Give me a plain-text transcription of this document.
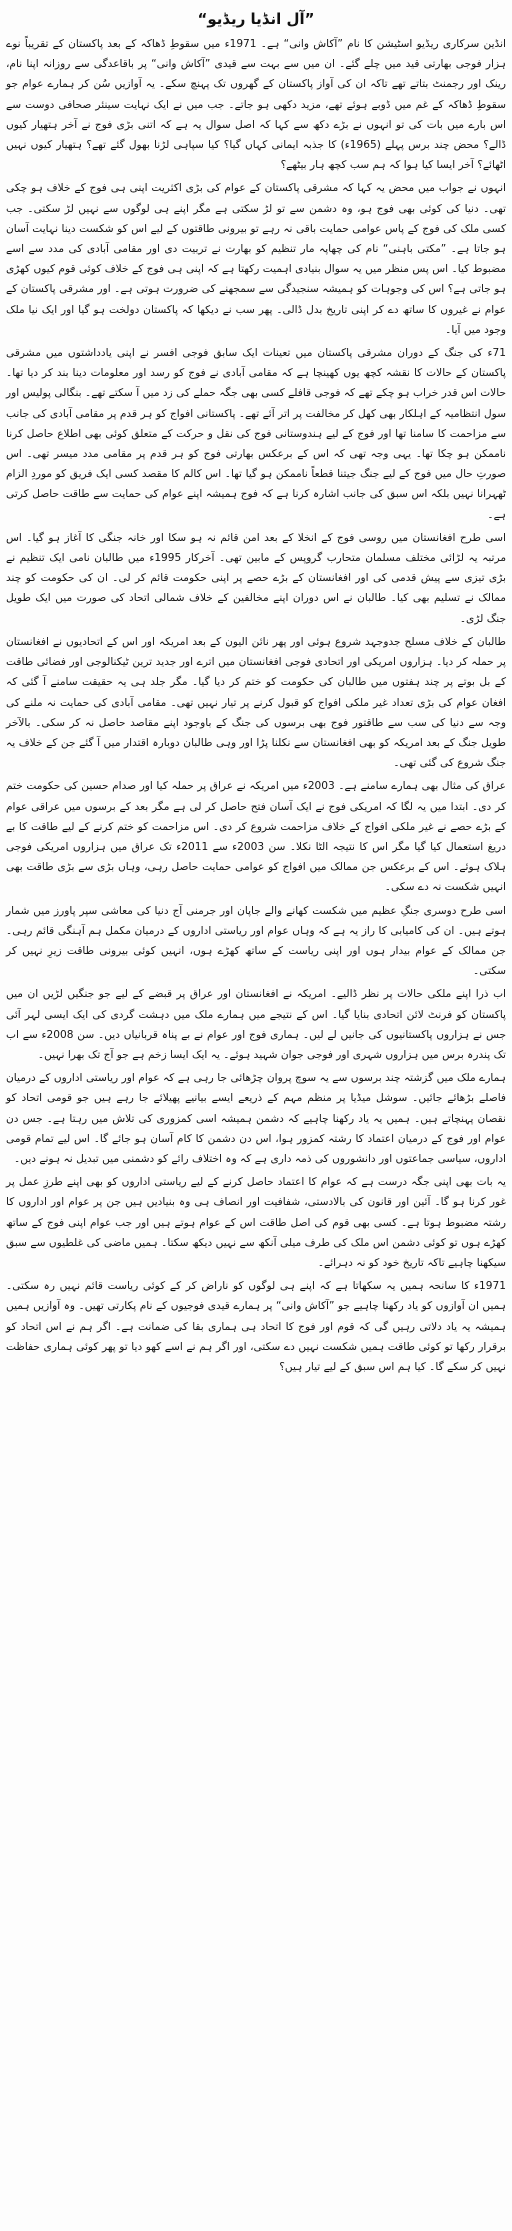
”آل انڈیا ریڈیو“

انڈین سرکاری ریڈیو اسٹیشن کا نام ”آکاش وانی“ ہے۔ 1971ء میں سقوطِ ڈھاکہ کے بعد پاکستان کے تقریباً نوے ہزار فوجی بھارتی قید میں چلے گئے۔ ان میں سے بہت سے قیدی ”آکاش وانی“ پر باقاعدگی سے روزانہ اپنا نام، رینک اور رجمنٹ بتاتے تھے تاکہ ان کی آواز پاکستان کے گھروں تک پہنچ سکے۔ یہ آوازیں سُن کر ہمارے عوام جو سقوطِ ڈھاکہ کے غم میں ڈوبے ہوئے تھے، مزید دکھی ہو جاتے۔ جب میں نے ایک نہایت سینئر صحافی دوست سے اس بارے میں بات کی تو انہوں نے بڑے دکھ سے کہا کہ اصل سوال یہ ہے کہ اتنی بڑی فوج نے آخر ہتھیار کیوں ڈالے؟ محض چند برس پہلے (1965ء) کا جذبہ ایمانی کہاں گیا؟ کیا سپاہی لڑنا بھول گئے تھے؟ ہتھیار کیوں نہیں اٹھائے؟ آخر ایسا کیا ہوا کہ ہم سب کچھ ہار بیٹھے؟

انہوں نے جواب میں محض یہ کہا کہ مشرقی پاکستان کے عوام کی بڑی اکثریت اپنی ہی فوج کے خلاف ہو چکی تھی۔ دنیا کی کوئی بھی فوج ہو، وہ دشمن سے تو لڑ سکتی ہے مگر اپنے ہی لوگوں سے نہیں لڑ سکتی۔ جب کسی ملک کی فوج کے پاس عوامی حمایت باقی نہ رہے تو بیرونی طاقتوں کے لیے اس کو شکست دینا نہایت آسان ہو جاتا ہے۔ ”مکتی باہنی“ نام کی چھاپہ مار تنظیم کو بھارت نے تربیت دی اور مقامی آبادی کی مدد سے اسے مضبوط کیا۔ اس پس منظر میں یہ سوال بنیادی اہمیت رکھتا ہے کہ اپنی ہی فوج کے خلاف کوئی قوم کیوں کھڑی ہو جاتی ہے؟ اس کی وجوہات کو ہمیشہ سنجیدگی سے سمجھنے کی ضرورت ہوتی ہے۔ اور مشرقی پاکستان کے عوام نے غیروں کا ساتھ دے کر اپنی تاریخ بدل ڈالی۔ پھر سب نے دیکھا کہ پاکستان دولخت ہو گیا اور ایک نیا ملک وجود میں آیا۔

71ء کی جنگ کے دوران مشرقی پاکستان میں تعینات ایک سابق فوجی افسر نے اپنی یادداشتوں میں مشرقی پاکستان کے حالات کا نقشہ کچھ یوں کھینچا ہے کہ مقامی آبادی نے فوج کو رسد اور معلومات دینا بند کر دیا تھا۔ حالات اس قدر خراب ہو چکے تھے کہ فوجی قافلے کسی بھی جگہ حملے کی زد میں آ سکتے تھے۔ بنگالی پولیس اور سول انتظامیہ کے اہلکار بھی کھل کر مخالفت پر اتر آئے تھے۔ پاکستانی افواج کو ہر قدم پر مقامی آبادی کی جانب سے مزاحمت کا سامنا تھا اور فوج کے لیے ہندوستانی فوج کی نقل و حرکت کے متعلق کوئی بھی اطلاع حاصل کرنا ناممکن ہو چکا تھا۔ یہی وجہ تھی کہ اس کے برعکس بھارتی فوج کو ہر قدم پر مقامی مدد میسر تھی۔ اس صورتِ حال میں فوج کے لیے جنگ جیتنا قطعاً ناممکن ہو گیا تھا۔ اس کالم کا مقصد کسی ایک فریق کو موردِ الزام ٹھہرانا نہیں بلکہ اس سبق کی جانب اشارہ کرنا ہے کہ فوج ہمیشہ اپنے عوام کی حمایت سے طاقت حاصل کرتی ہے۔

اسی طرح افغانستان میں روسی فوج کے انخلا کے بعد امن قائم نہ ہو سکا اور خانہ جنگی کا آغاز ہو گیا۔ اس مرتبہ یہ لڑائی مختلف مسلمان متحارب گروپس کے مابین تھی۔ آخرکار 1995ء میں طالبان نامی ایک تنظیم نے بڑی تیزی سے پیش قدمی کی اور افغانستان کے بڑے حصے پر اپنی حکومت قائم کر لی۔ ان کی حکومت کو چند ممالک نے تسلیم بھی کیا۔ طالبان نے اس دوران اپنے مخالفین کے خلاف شمالی اتحاد کی صورت میں ایک طویل جنگ لڑی۔

طالبان کے خلاف مسلح جدوجہد شروع ہوئی اور پھر نائن الیون کے بعد امریکہ اور اس کے اتحادیوں نے افغانستان پر حملہ کر دیا۔ ہزاروں امریکی اور اتحادی فوجی افغانستان میں اترے اور جدید ترین ٹیکنالوجی اور فضائی طاقت کے بل بوتے پر چند ہفتوں میں طالبان کی حکومت کو ختم کر دیا گیا۔ مگر جلد ہی یہ حقیقت سامنے آ گئی کہ افغان عوام کی بڑی تعداد غیر ملکی افواج کو قبول کرنے پر تیار نہیں تھی۔ مقامی آبادی کی حمایت نہ ملنے کی وجہ سے دنیا کی سب سے طاقتور فوج بھی برسوں کی جنگ کے باوجود اپنے مقاصد حاصل نہ کر سکی۔ بالآخر طویل جنگ کے بعد امریکہ کو بھی افغانستان سے نکلنا پڑا اور وہی طالبان دوبارہ اقتدار میں آ گئے جن کے خلاف یہ جنگ شروع کی گئی تھی۔

عراق کی مثال بھی ہمارے سامنے ہے۔ 2003ء میں امریکہ نے عراق پر حملہ کیا اور صدام حسین کی حکومت ختم کر دی۔ ابتدا میں یہ لگا کہ امریکی فوج نے ایک آسان فتح حاصل کر لی ہے مگر بعد کے برسوں میں عراقی عوام کے بڑے حصے نے غیر ملکی افواج کے خلاف مزاحمت شروع کر دی۔ اس مزاحمت کو ختم کرنے کے لیے طاقت کا بے دریغ استعمال کیا گیا مگر اس کا نتیجہ الٹا نکلا۔ سن 2003ء سے 2011ء تک عراق میں ہزاروں امریکی فوجی ہلاک ہوئے۔ اس کے برعکس جن ممالک میں افواج کو عوامی حمایت حاصل رہی، وہاں بڑی سے بڑی طاقت بھی انہیں شکست نہ دے سکی۔

اسی طرح دوسری جنگِ عظیم میں شکست کھانے والے جاپان اور جرمنی آج دنیا کی معاشی سپر پاورز میں شمار ہوتے ہیں۔ ان کی کامیابی کا راز یہ ہے کہ وہاں عوام اور ریاستی اداروں کے درمیان مکمل ہم آہنگی قائم رہی۔ جن ممالک کے عوام بیدار ہوں اور اپنی ریاست کے ساتھ کھڑے ہوں، انہیں کوئی بیرونی طاقت زیرِ نہیں کر سکتی۔

اب ذرا اپنے ملکی حالات پر نظر ڈالیے۔ امریکہ نے افغانستان اور عراق پر قبضے کے لیے جو جنگیں لڑیں ان میں پاکستان کو فرنٹ لائن اتحادی بنایا گیا۔ اس کے نتیجے میں ہمارے ملک میں دہشت گردی کی ایک ایسی لہر آئی جس نے ہزاروں پاکستانیوں کی جانیں لے لیں۔ ہماری فوج اور عوام نے بے پناہ قربانیاں دیں۔ سن 2008ء سے اب تک پندرہ برس میں ہزاروں شہری اور فوجی جوان شہید ہوئے۔ یہ ایک ایسا زخم ہے جو آج تک بھرا نہیں۔

ہمارے ملک میں گزشتہ چند برسوں سے یہ سوچ پروان چڑھائی جا رہی ہے کہ عوام اور ریاستی اداروں کے درمیان فاصلے بڑھائے جائیں۔ سوشل میڈیا پر منظم مہم کے ذریعے ایسے بیانیے پھیلائے جا رہے ہیں جو قومی اتحاد کو نقصان پہنچاتے ہیں۔ ہمیں یہ یاد رکھنا چاہیے کہ دشمن ہمیشہ اسی کمزوری کی تلاش میں رہتا ہے۔ جس دن عوام اور فوج کے درمیان اعتماد کا رشتہ کمزور ہوا، اس دن دشمن کا کام آسان ہو جائے گا۔ اس لیے تمام قومی اداروں، سیاسی جماعتوں اور دانشوروں کی ذمہ داری ہے کہ وہ اختلاف رائے کو دشمنی میں تبدیل نہ ہونے دیں۔

یہ بات بھی اپنی جگہ درست ہے کہ عوام کا اعتماد حاصل کرنے کے لیے ریاستی اداروں کو بھی اپنے طرزِ عمل پر غور کرنا ہو گا۔ آئین اور قانون کی بالادستی، شفافیت اور انصاف ہی وہ بنیادیں ہیں جن پر عوام اور اداروں کا رشتہ مضبوط ہوتا ہے۔ کسی بھی قوم کی اصل طاقت اس کے عوام ہوتے ہیں اور جب عوام اپنی فوج کے ساتھ کھڑے ہوں تو کوئی دشمن اس ملک کی طرف میلی آنکھ سے نہیں دیکھ سکتا۔ ہمیں ماضی کی غلطیوں سے سبق سیکھنا چاہیے تاکہ تاریخ خود کو نہ دہرائے۔

1971ء کا سانحہ ہمیں یہ سکھاتا ہے کہ اپنے ہی لوگوں کو ناراض کر کے کوئی ریاست قائم نہیں رہ سکتی۔ ہمیں ان آوازوں کو یاد رکھنا چاہیے جو ”آکاش وانی“ پر ہمارے قیدی فوجیوں کے نام پکارتی تھیں۔ وہ آوازیں ہمیں ہمیشہ یہ یاد دلاتی رہیں گی کہ قوم اور فوج کا اتحاد ہی ہماری بقا کی ضمانت ہے۔ اگر ہم نے اس اتحاد کو برقرار رکھا تو کوئی طاقت ہمیں شکست نہیں دے سکتی، اور اگر ہم نے اسے کھو دیا تو پھر کوئی ہماری حفاظت نہیں کر سکے گا۔ کیا ہم اس سبق کے لیے تیار ہیں؟
